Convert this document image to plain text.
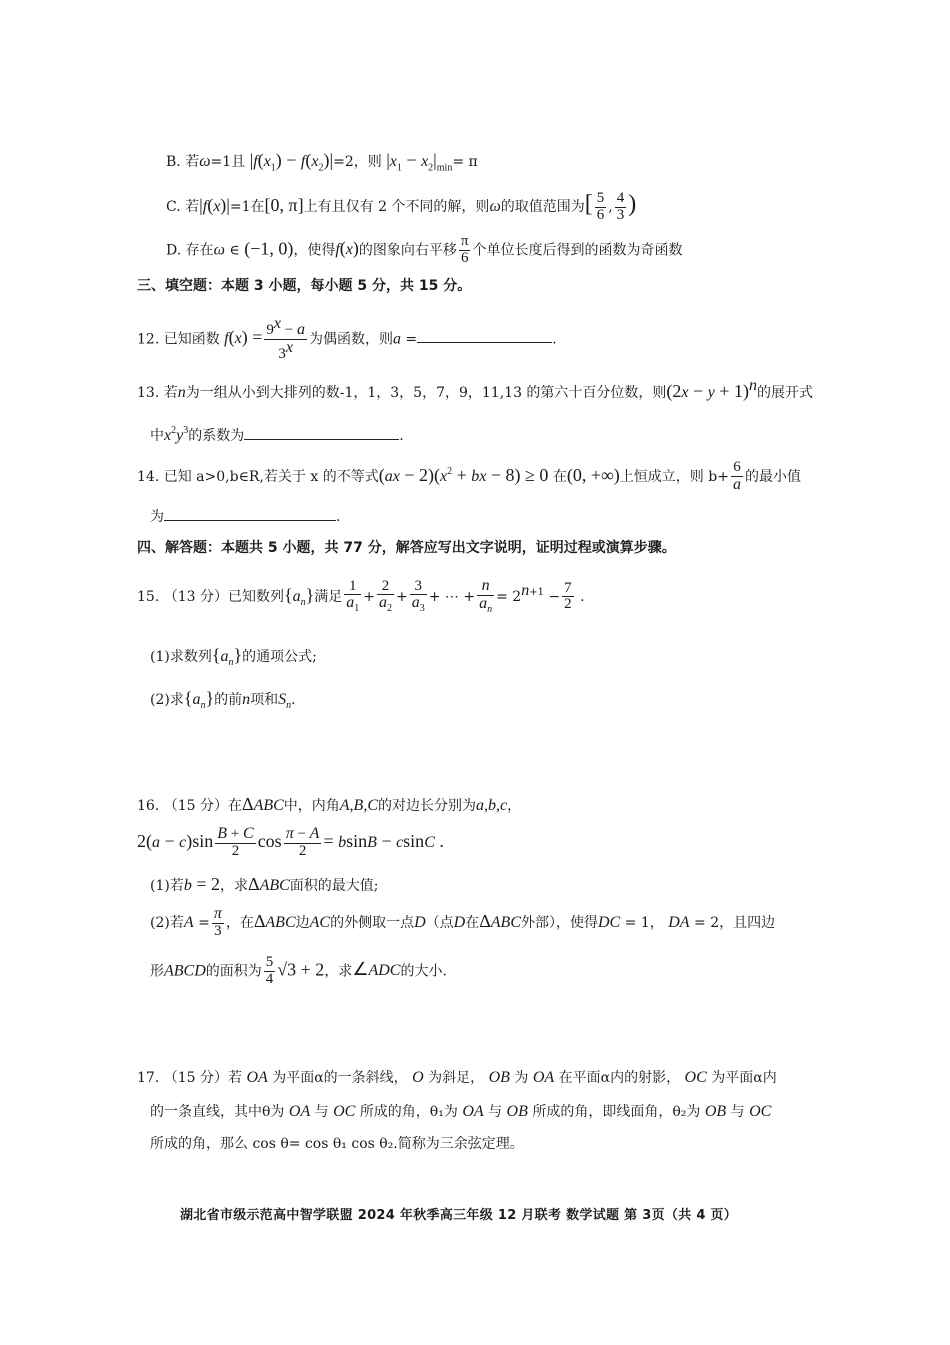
B. 若ω=1且 $|f(x_1) - f(x_2)|=2$，则 $|x_1 - x_2|_{min}= \pi$
C. 若|f(x)|=1在[0, π]上有且仅有 2 个不同的解，则ω的取值范围为[ $\frac{5}{6}$ , $\frac{4}{3}$ )
D. 存在ω ∈ (−1, 0)，使得f(x)的图象向右平移 $\frac{\pi}{6}$ 个单位长度后得到的函数为奇函数
三、填空题：本题 3 小题，每小题 5 分，共 15 分。
12. 已知函数 $f(x) = \frac{9^x - a}{3^x}$ 为偶函数，则a =	.
13. 若n为一组从小到大排列的数-1，1，3，5，7，9，11,13 的第六十百分位数，则$(2x - y + 1)^n$的展开式
中$x^2y^3$的系数为	.
14. 已知 a>0,b∈R,若关于 x 的不等式$(ax - 2)(x^2$ + bx − 8) ≥ 0 在(0, +∞)上恒成立，则 $b+ \frac{6}{a}$ 的最小值
为	.
四、解答题：本题共 5 小题，共 77 分，解答应写出文字说明，证明过程或演算步骤。
15. （13 分）已知数列$\{a_n\}$满足 $\frac{1}{a_1} + \frac{2}{a_2} + \frac{3}{a_3}$ + ⋯ + $\frac{n}{a_n} = 2^{n+1} - \frac{7}{2}$ .
(1)求数列$\{a_n\}$的通项公式;
(2)求$\{a_n\}$的前n项和$S_n$.
16. （15 分）在ΔABC中，内角A,B,C的对边长分别为a,b,c，
$2(a - c)\sin \frac{B + C}{2}$ $\cos \frac{\pi - A}{2} = bsinB - csinC$ .
(1)若b = 2，求ΔABC面积的最大值;
(2)若$A = \frac{\pi}{3}$ ，在ΔABC边AC的外侧取一点D（点D在ΔABC外部），使得DC = 1， DA = 2，且四边
形ABCD的面积为 $\frac{5}{4} √3 + 2$，求∠ADC的大小.
17. （15 分）若 OA 为平面α的一条斜线， O 为斜足， OB 为 OA 在平面α内的射影， OC 为平面α内
的一条直线，其中θ为 OA 与 OC 所成的角，θ₁为 OA 与 OB 所成的角，即线面角，θ₂为 OB 与 OC
所成的角，那么 cos θ= cos θ₁ cos θ₂.简称为三余弦定理。
湖北省市级示范高中智学联盟 2024 年秋季高三年级 12 月联考 数学试题 第 3页（共 4 页）
